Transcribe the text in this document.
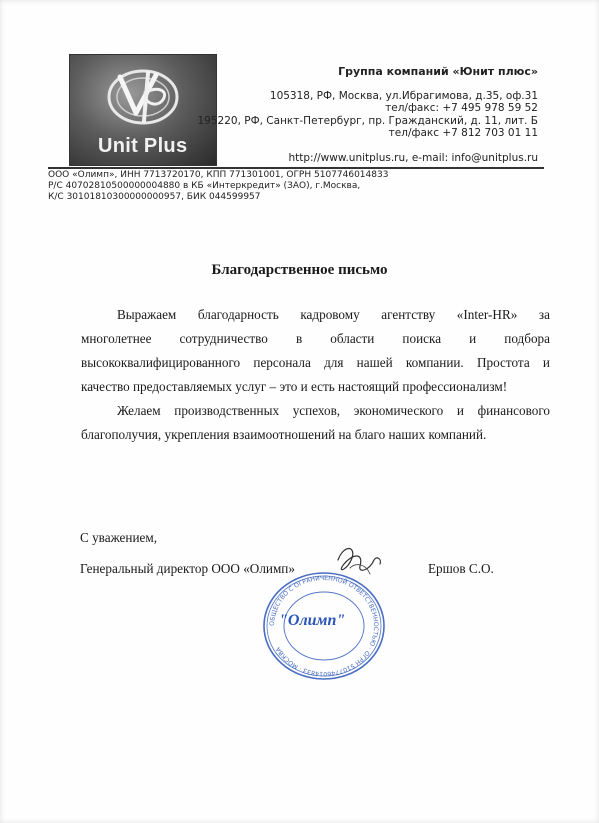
Unit Plus
Группа компаний «Юнит плюс»
105318, РФ, Москва, ул.Ибрагимова, д.35, оф.31
тел/факс: +7 495 978 59 52
195220, РФ, Санкт-Петербург, пр. Гражданский, д. 11, лит. Б
тел/факс +7 812 703 01 11
http://www.unitplus.ru, e-mail: info@unitplus.ru
ООО «Олимп», ИНН 7713720170, КПП 771301001, ОГРН 5107746014833
Р/С 40702810500000004880 в КБ «Интеркредит» (ЗАО), г.Москва,
К/С 30101810300000000957, БИК 044599957
Благодарственное письмо
Выражаем благодарность кадровому агентству «Inter-HR» за
многолетнее сотрудничество в области поиска и подбора
высококвалифицированного персонала для нашей компании. Простота и
качество предоставляемых услуг – это и есть настоящий профессионализм!
Желаем производственных успехов, экономического и финансового
благополучия, укрепления взаимоотношений на благо наших компаний.
С уважением,
Генеральный директор ООО «Олимп»	Ершов С.О.
ОБЩЕСТВО С ОГРАНИЧЕННОЙ ОТВЕТСТВЕННОСТЬЮ · ОГРН 5107746014833 · МОСКВА
"Олимп"
